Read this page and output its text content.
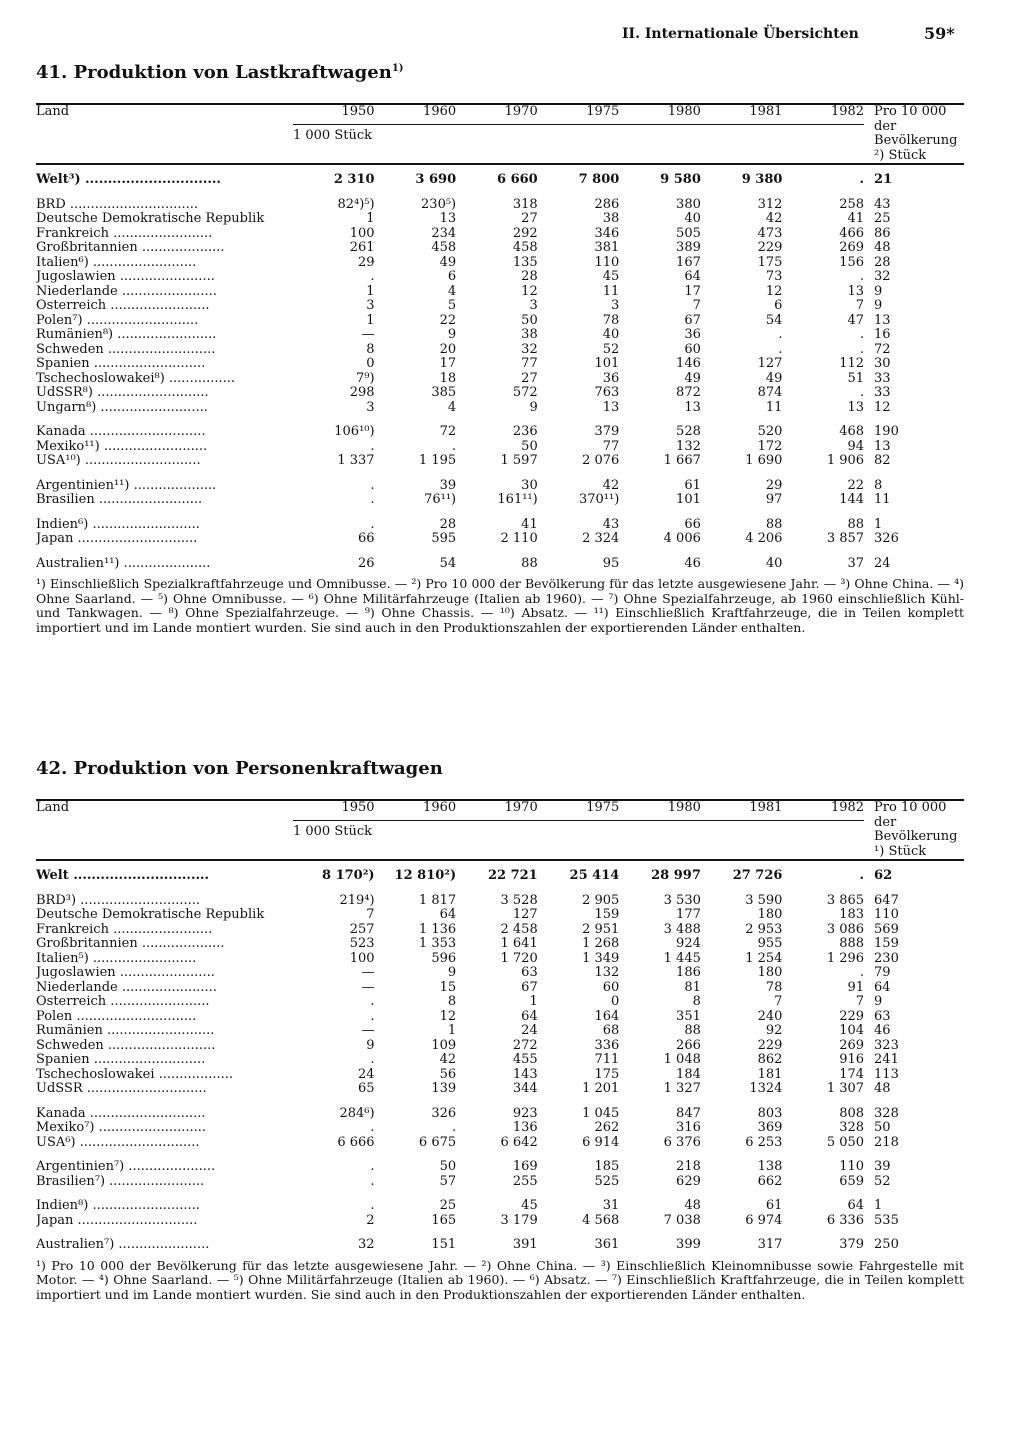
II. Internationale Übersichten	59*
41. Produktion von Lastkraftwagen$^{1)}$
Land	1950	1960	1970	1975	1980	1981	1982	Pro 10 000 der Bevölkerung ²) Stück
	1 000 Stück							
Welt³) ..............................	2 310	3 690	6 660	7 800	9 580	9 380	.	21
BRD ...............................	82⁴)⁵)	230⁵)	318	286	380	312	258	43
Deutsche Demokratische Republik	1	13	27	38	40	42	41	25
Frankreich ........................	100	234	292	346	505	473	466	86
Großbritannien ....................	261	458	458	381	389	229	269	48
Italien⁶) .........................	29	49	135	110	167	175	156	28
Jugoslawien .......................	.	6	28	45	64	73	.	32
Niederlande .......................	1	4	12	11	17	12	13	9
Österreich ........................	3	5	3	3	7	6	7	9
Polen⁷) ...........................	1	22	50	78	67	54	47	13
Rumänien⁸) ........................	—	9	38	40	36	.	.	16
Schweden ..........................	8	20	32	52	60	.	.	72
Spanien ...........................	0	17	77	101	146	127	112	30
Tschechoslowakei⁸) ................	7⁹)	18	27	36	49	49	51	33
UdSSR⁸) ...........................	298	385	572	763	872	874	.	33
Ungarn⁸) ..........................	3	4	9	13	13	11	13	12

Kanada ............................	106¹⁰)	72	236	379	528	520	468	190
Mexiko¹¹) .........................	.	.	50	77	132	172	94	13
USA¹⁰) ............................	1 337	1 195	1 597	2 076	1 667	1 690	1 906	82

Argentinien¹¹) ....................	.	39	30	42	61	29	22	8
Brasilien .........................	.	76¹¹)	161¹¹)	370¹¹)	101	97	144	11

Indien⁶) ..........................	.	28	41	43	66	88	88	1
Japan .............................	66	595	2 110	2 324	4 006	4 206	3 857	326

Australien¹¹) .....................	26	54	88	95	46	40	37	24
¹) Einschließlich Spezialkraftfahrzeuge und Omnibusse. — ²) Pro 10 000 der Bevölkerung für das letzte ausgewiesene Jahr. — ³) Ohne China. — ⁴) Ohne Saarland. — ⁵) Ohne Omnibusse. — ⁶) Ohne Militärfahrzeuge (Italien ab 1960). — ⁷) Ohne Spezialfahrzeuge, ab 1960 einschließlich Kühl- und Tankwagen. — ⁸) Ohne Spezialfahrzeuge. — ⁹) Ohne Chassis. — ¹⁰) Absatz. — ¹¹) Einschließlich Kraftfahrzeuge, die in Teilen komplett importiert und im Lande montiert wurden. Sie sind auch in den Produktionszahlen der exportierenden Länder enthalten.
42. Produktion von Personenkraftwagen
Land	1950	1960	1970	1975	1980	1981	1982	Pro 10 000 der Bevölkerung ¹) Stück
	1 000 Stück							
Welt ..............................	8 170²)	12 810²)	22 721	25 414	28 997	27 726	.	62
BRD³) .............................	219⁴)	1 817	3 528	2 905	3 530	3 590	3 865	647
Deutsche Demokratische Republik	7	64	127	159	177	180	183	110
Frankreich ........................	257	1 136	2 458	2 951	3 488	2 953	3 086	569
Großbritannien ....................	523	1 353	1 641	1 268	924	955	888	159
Italien⁵) .........................	100	596	1 720	1 349	1 445	1 254	1 296	230
Jugoslawien .......................	—	9	63	132	186	180	.	79
Niederlande .......................	—	15	67	60	81	78	91	64
Österreich ........................	.	8	1	0	8	7	7	9
Polen .............................	.	12	64	164	351	240	229	63
Rumänien ..........................	—	1	24	68	88	92	104	46
Schweden ..........................	9	109	272	336	266	229	269	323
Spanien ...........................	.	42	455	711	1 048	862	916	241
Tschechoslowakei ..................	24	56	143	175	184	181	174	113
UdSSR .............................	65	139	344	1 201	1 327	1324	1 307	48

Kanada ............................	284⁶)	326	923	1 045	847	803	808	328
Mexiko⁷) ..........................	.	.	136	262	316	369	328	50
USA⁶) .............................	6 666	6 675	6 642	6 914	6 376	6 253	5 050	218

Argentinien⁷) .....................	.	50	169	185	218	138	110	39
Brasilien⁷) .......................	.	57	255	525	629	662	659	52

Indien⁸) ..........................	.	25	45	31	48	61	64	1
Japan .............................	2	165	3 179	4 568	7 038	6 974	6 336	535

Australien⁷) ......................	32	151	391	361	399	317	379	250
¹) Pro 10 000 der Bevölkerung für das letzte ausgewiesene Jahr. — ²) Ohne China. — ³) Einschließlich Kleinomnibusse sowie Fahrgestelle mit Motor. — ⁴) Ohne Saarland. — ⁵) Ohne Militärfahrzeuge (Italien ab 1960). — ⁶) Absatz. — ⁷) Einschließlich Kraftfahrzeuge, die in Teilen komplett importiert und im Lande montiert wurden. Sie sind auch in den Produktionszahlen der exportierenden Länder enthalten.
